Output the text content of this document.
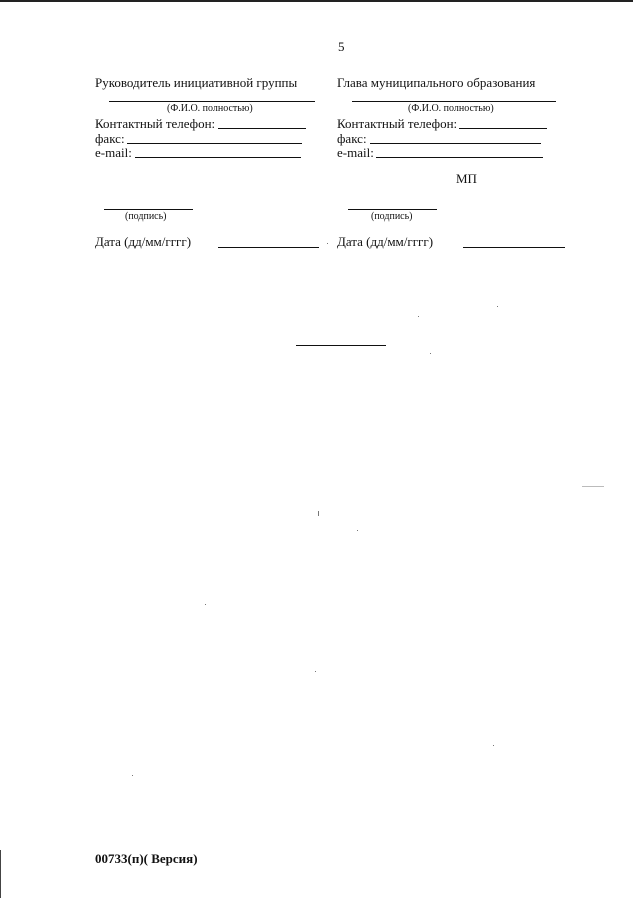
5
Руководитель инициативной группы
(Ф.И.О. полностью)
Контактный телефон:
факс:
e-mail:
(подпись)
Дата (дд/мм/гггг)
Глава муниципального образования
(Ф.И.О. полностью)
Контактный телефон:
факс:
e-mail:
МП
(подпись)
Дата (дд/мм/гггг)
00733(п)( Версия)
